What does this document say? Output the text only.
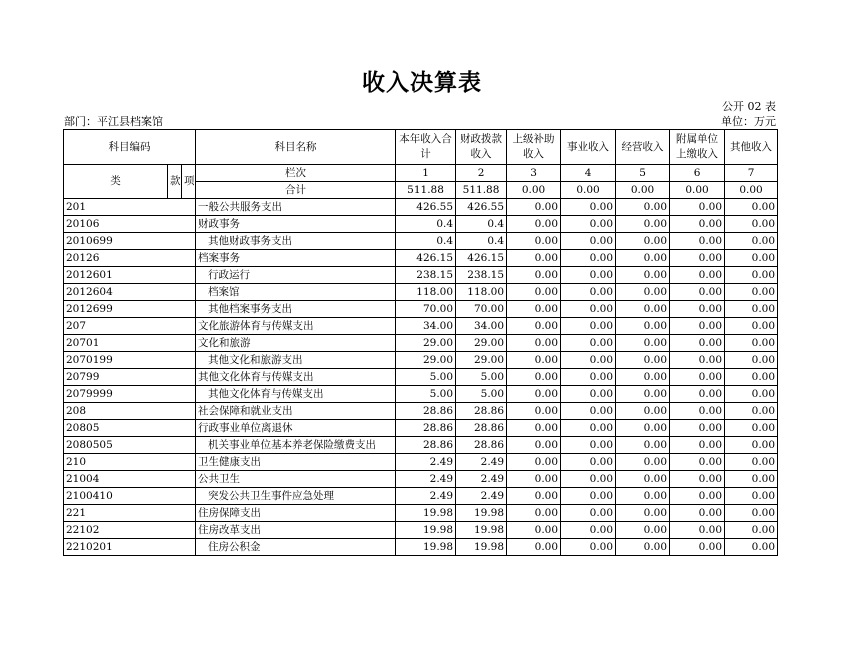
收入决算表
公开 02 表
部门：平江县档案馆	单位：万元
科目编码			科目名称	本年收入合计	财政拨款收入	上级补助收入	事业收入	经营收入	附属单位上缴收入	其他收入
类	款	项	栏次	1	2	3	4	5	6	7
			合计	511.88	511.88	0.00	0.00	0.00	0.00	0.00
201			一般公共服务支出	426.55	426.55	0.00	0.00	0.00	0.00	0.00
20106			财政事务	0.4	0.4	0.00	0.00	0.00	0.00	0.00
2010699			其他财政事务支出	0.4	0.4	0.00	0.00	0.00	0.00	0.00
20126			档案事务	426.15	426.15	0.00	0.00	0.00	0.00	0.00
2012601			行政运行	238.15	238.15	0.00	0.00	0.00	0.00	0.00
2012604			档案馆	118.00	118.00	0.00	0.00	0.00	0.00	0.00
2012699			其他档案事务支出	70.00	70.00	0.00	0.00	0.00	0.00	0.00
207			文化旅游体育与传媒支出	34.00	34.00	0.00	0.00	0.00	0.00	0.00
20701			文化和旅游	29.00	29.00	0.00	0.00	0.00	0.00	0.00
2070199			其他文化和旅游支出	29.00	29.00	0.00	0.00	0.00	0.00	0.00
20799			其他文化体育与传媒支出	5.00	5.00	0.00	0.00	0.00	0.00	0.00
2079999			其他文化体育与传媒支出	5.00	5.00	0.00	0.00	0.00	0.00	0.00
208			社会保障和就业支出	28.86	28.86	0.00	0.00	0.00	0.00	0.00
20805			行政事业单位离退休	28.86	28.86	0.00	0.00	0.00	0.00	0.00
2080505			机关事业单位基本养老保险缴费支出	28.86	28.86	0.00	0.00	0.00	0.00	0.00
210			卫生健康支出	2.49	2.49	0.00	0.00	0.00	0.00	0.00
21004			公共卫生	2.49	2.49	0.00	0.00	0.00	0.00	0.00
2100410			突发公共卫生事件应急处理	2.49	2.49	0.00	0.00	0.00	0.00	0.00
221			住房保障支出	19.98	19.98	0.00	0.00	0.00	0.00	0.00
22102			住房改革支出	19.98	19.98	0.00	0.00	0.00	0.00	0.00
2210201			住房公积金	19.98	19.98	0.00	0.00	0.00	0.00	0.00
